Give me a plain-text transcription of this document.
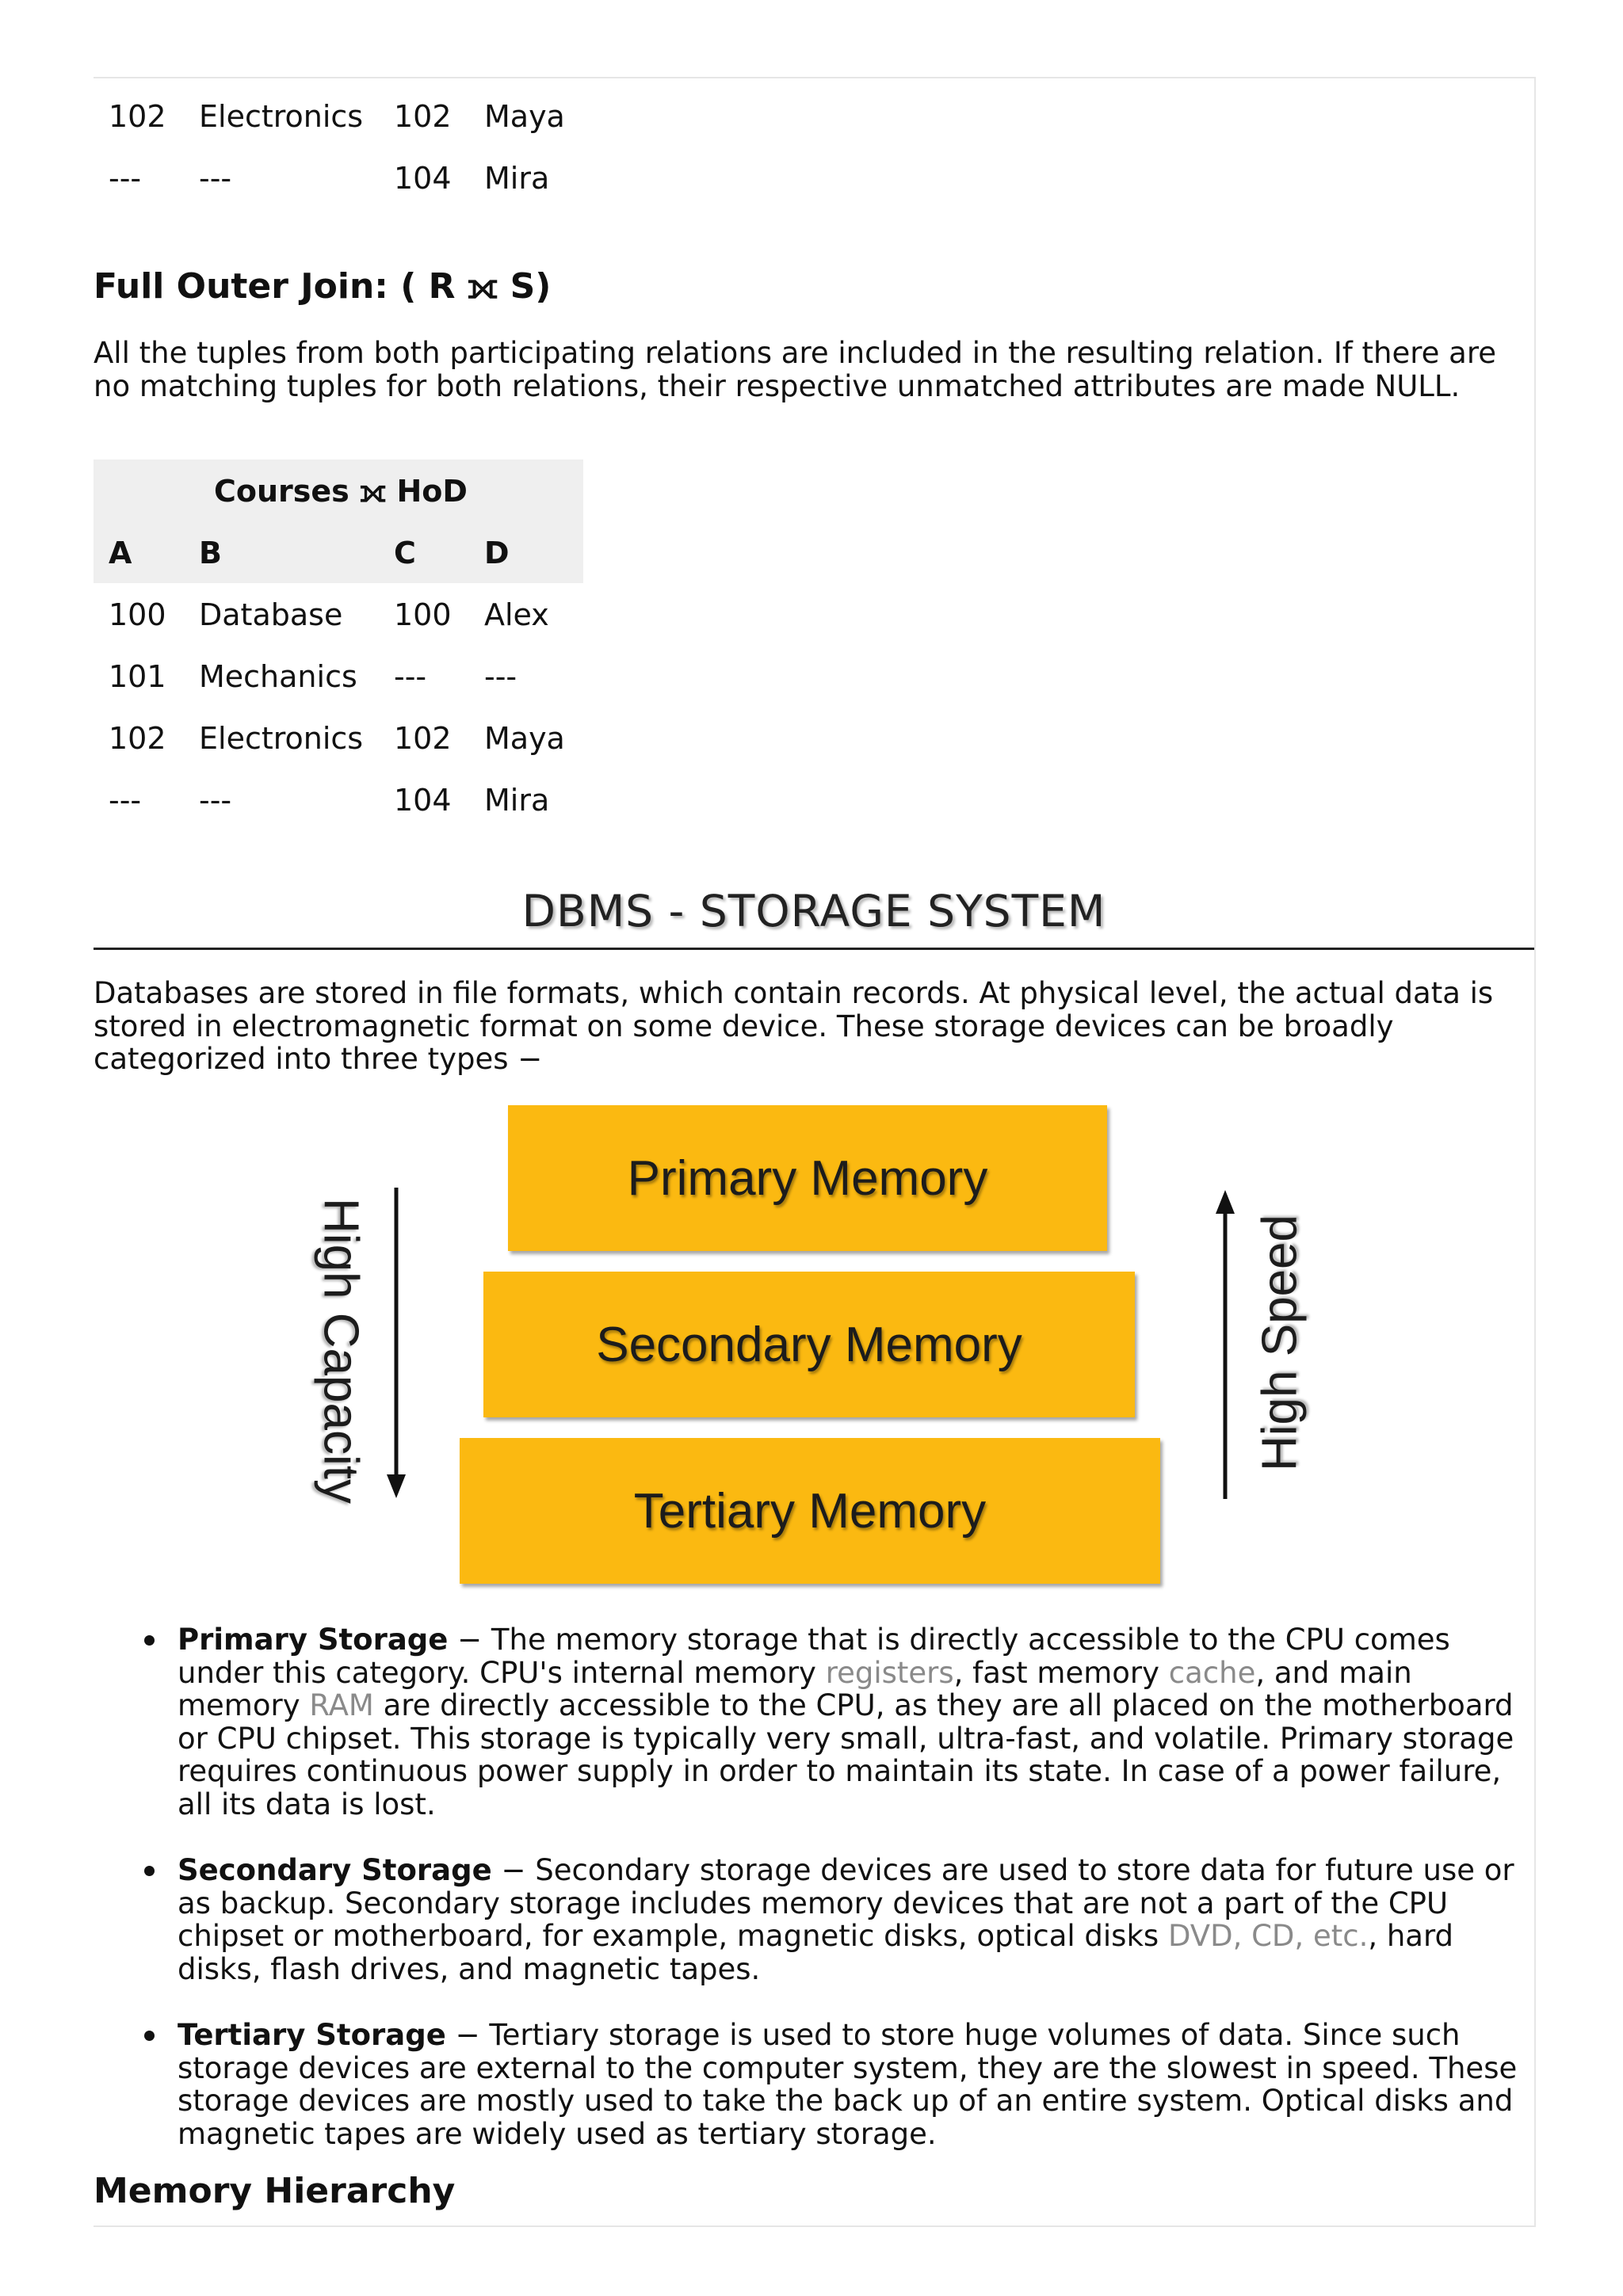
102 Electronics 102 Maya
--- ---	104 Mira
Full Outer Join: ( R ⟗ S)
All the tuples from both participating relations are included in the resulting relation. If there are no matching tuples for both relations, their respective unmatched attributes are made NULL.
Courses ⟗ HoD
A B	C D
100 Database 100 Alex
101 Mechanics --- ---
102 Electronics 102 Maya
--- ---	104 Mira
DBMS - STORAGE SYSTEM
Databases are stored in file formats, which contain records. At physical level, the actual data is stored in electromagnetic format on some device. These storage devices can be broadly categorized into three types −
Primary Memory
Secondary Memory
Tertiary Memory
High Capacity	High Speed
Primary Storage − The memory storage that is directly accessible to the CPU comes under this category. CPU's internal memory registers, fast memory cache, and main memory RAM are directly accessible to the CPU, as they are all placed on the motherboard or CPU chipset. This storage is typically very small, ultra-fast, and volatile. Primary storage requires continuous power supply in order to maintain its state. In case of a power failure, all its data is lost.
Secondary Storage − Secondary storage devices are used to store data for future use or as backup. Secondary storage includes memory devices that are not a part of the CPU chipset or motherboard, for example, magnetic disks, optical disks DVD, CD, etc., hard disks, flash drives, and magnetic tapes.
Tertiary Storage − Tertiary storage is used to store huge volumes of data. Since such storage devices are external to the computer system, they are the slowest in speed. These storage devices are mostly used to take the back up of an entire system. Optical disks and magnetic tapes are widely used as tertiary storage.
Memory Hierarchy
